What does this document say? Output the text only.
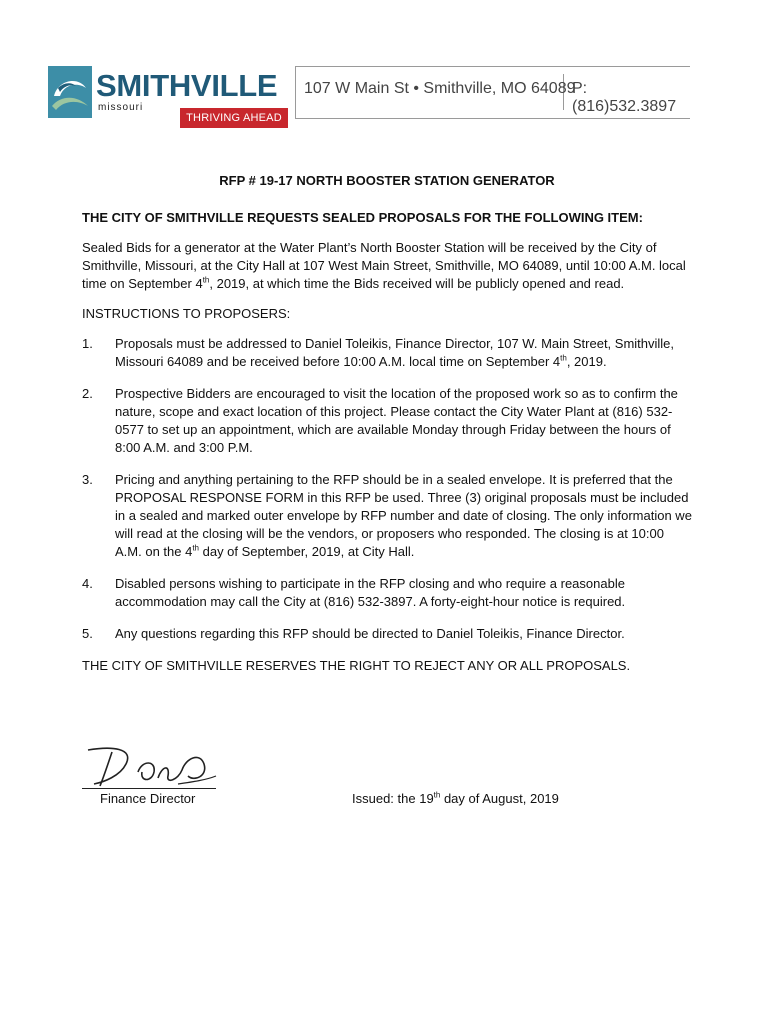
SMITHVILLE
missouri
THRIVING AHEAD
107 W Main St • Smithville, MO 64089
P:(816)532.3897
RFP # 19-17 NORTH BOOSTER STATION GENERATOR
THE CITY OF SMITHVILLE REQUESTS SEALED PROPOSALS FOR THE FOLLOWING ITEM:

Sealed Bids for a generator at the Water Plant’s North Booster Station will be received by the City of Smithville, Missouri, at the City Hall at 107 West Main Street, Smithville, MO 64089, until 10:00 A.M. local time on September 4th, 2019, at which time the Bids received will be publicly opened and read.

INSTRUCTIONS TO PROPOSERS:

1. Proposals must be addressed to Daniel Toleikis, Finance Director, 107 W. Main Street, Smithville, Missouri 64089 and be received before 10:00 A.M. local time on September 4th, 2019.
2. Prospective Bidders are encouraged to visit the location of the proposed work so as to confirm the nature, scope and exact location of this project. Please contact the City Water Plant at (816) 532-0577 to set up an appointment, which are available Monday through Friday between the hours of 8:00 A.M. and 3:00 P.M.
3. Pricing and anything pertaining to the RFP should be in a sealed envelope. It is preferred that the PROPOSAL RESPONSE FORM in this RFP be used. Three (3) original proposals must be included in a sealed and marked outer envelope by RFP number and date of closing. The only information we will read at the closing will be the vendors, or proposers who responded. The closing is at 10:00 A.M. on the 4th day of September, 2019, at City Hall.
4. Disabled persons wishing to participate in the RFP closing and who require a reasonable accommodation may call the City at (816) 532-3897. A forty-eight-hour notice is required.
5. Any questions regarding this RFP should be directed to Daniel Toleikis, Finance Director.

THE CITY OF SMITHVILLE RESERVES THE RIGHT TO REJECT ANY OR ALL PROPOSALS.

Finance Director	Issued: the 19th day of August, 2019
